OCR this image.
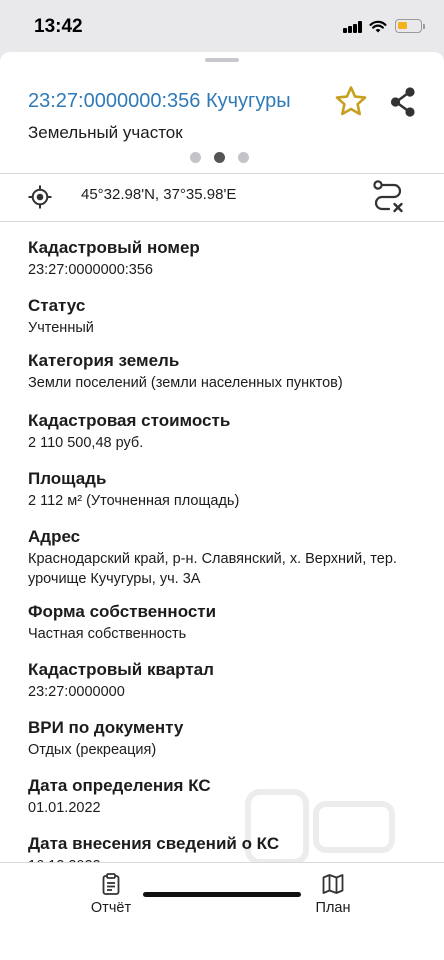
13:42
23:27:0000000:356 Кучугуры
Земельный участок
45°32.98'N, 37°35.98'E
Кадастровый номер
23:27:0000000:356
Статус
Учтенный
Категория земель
Земли поселений (земли населенных пунктов)
Кадастровая стоимость
2 110 500,48 руб.
Площадь
2 112 м² (Уточненная площадь)
Адрес
Краснодарский край, р-н. Славянский, х. Верхний, тер. урочище Кучугуры, уч. 3А
Форма собственности
Частная собственность
Кадастровый квартал
23:27:0000000
ВРИ по документу
Отдых (рекреация)
Дата определения КС
01.01.2022
Дата внесения сведений о КС
Отчёт	План
